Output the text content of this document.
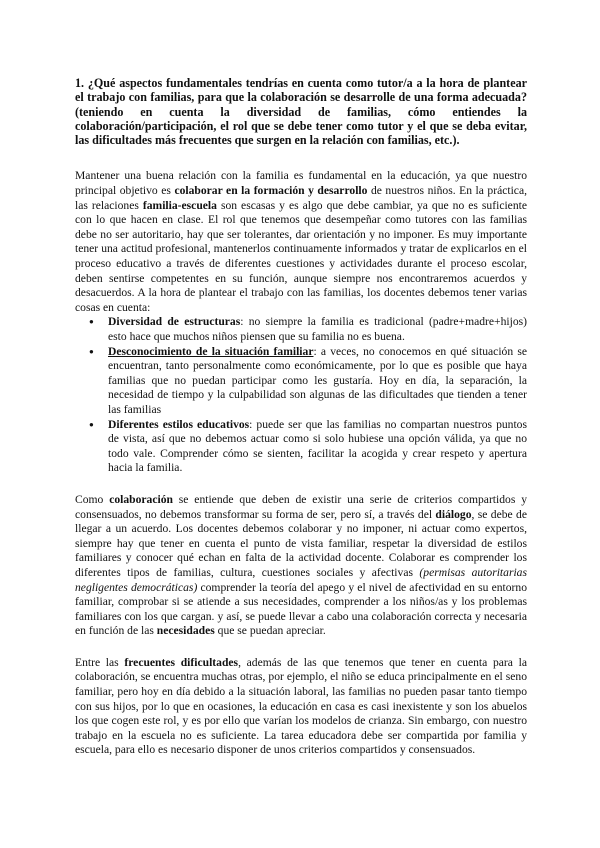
1. ¿Qué aspectos fundamentales tendrías en cuenta como tutor/a a la hora de plantear el trabajo con familias, para que la colaboración se desarrolle de una forma adecuada? (teniendo en cuenta la diversidad de familias, cómo entiendes la colaboración/participación, el rol que se debe tener como tutor y el que se deba evitar, las dificultades más frecuentes que surgen en la relación con familias, etc.).

Mantener una buena relación con la familia es fundamental en la educación, ya que nuestro principal objetivo es colaborar en la formación y desarrollo de nuestros niños. En la práctica, las relaciones familia-escuela son escasas y es algo que debe cambiar, ya que no es suficiente con lo que hacen en clase. El rol que tenemos que desempeñar como tutores con las familias debe no ser autoritario, hay que ser tolerantes, dar orientación y no imponer. Es muy importante tener una actitud profesional, mantenerlos continuamente informados y tratar de explicarlos en el proceso educativo a través de diferentes cuestiones y actividades durante el proceso escolar, deben sentirse competentes en su función, aunque siempre nos encontraremos acuerdos y desacuerdos. A la hora de plantear el trabajo con las familias, los docentes debemos tener varias cosas en cuenta:

● Diversidad de estructuras: no siempre la familia es tradicional (padre+madre+hijos) esto hace que muchos niños piensen que su familia no es buena.
● Desconocimiento de la situación familiar: a veces, no conocemos en qué situación se encuentran, tanto personalmente como económicamente, por lo que es posible que haya familias que no puedan participar como les gustaría. Hoy en día, la separación, la necesidad de tiempo y la culpabilidad son algunas de las dificultades que tienden a tener las familias
● Diferentes estilos educativos: puede ser que las familias no compartan nuestros puntos de vista, así que no debemos actuar como si solo hubiese una opción válida, ya que no todo vale. Comprender cómo se sienten, facilitar la acogida y crear respeto y apertura hacia la familia.

Como colaboración se entiende que deben de existir una serie de criterios compartidos y consensuados, no debemos transformar su forma de ser, pero sí, a través del diálogo, se debe de llegar a un acuerdo. Los docentes debemos colaborar y no imponer, ni actuar como expertos, siempre hay que tener en cuenta el punto de vista familiar, respetar la diversidad de estilos familiares y conocer qué echan en falta de la actividad docente. Colaborar es comprender los diferentes tipos de familias, cultura, cuestiones sociales y afectivas (permisas autoritarias negligentes democráticas) comprender la teoría del apego y el nivel de afectividad en su entorno familiar, comprobar si se atiende a sus necesidades, comprender a los niños/as y los problemas familiares con los que cargan. y así, se puede llevar a cabo una colaboración correcta y necesaria en función de las necesidades que se puedan apreciar.

Entre las frecuentes dificultades, además de las que tenemos que tener en cuenta para la colaboración, se encuentra muchas otras, por ejemplo, el niño se educa principalmente en el seno familiar, pero hoy en día debido a la situación laboral, las familias no pueden pasar tanto tiempo con sus hijos, por lo que en ocasiones, la educación en casa es casi inexistente y son los abuelos los que cogen este rol, y es por ello que varían los modelos de crianza. Sin embargo, con nuestro trabajo en la escuela no es suficiente. La tarea educadora debe ser compartida por familia y escuela, para ello es necesario disponer de unos criterios compartidos y consensuados.
